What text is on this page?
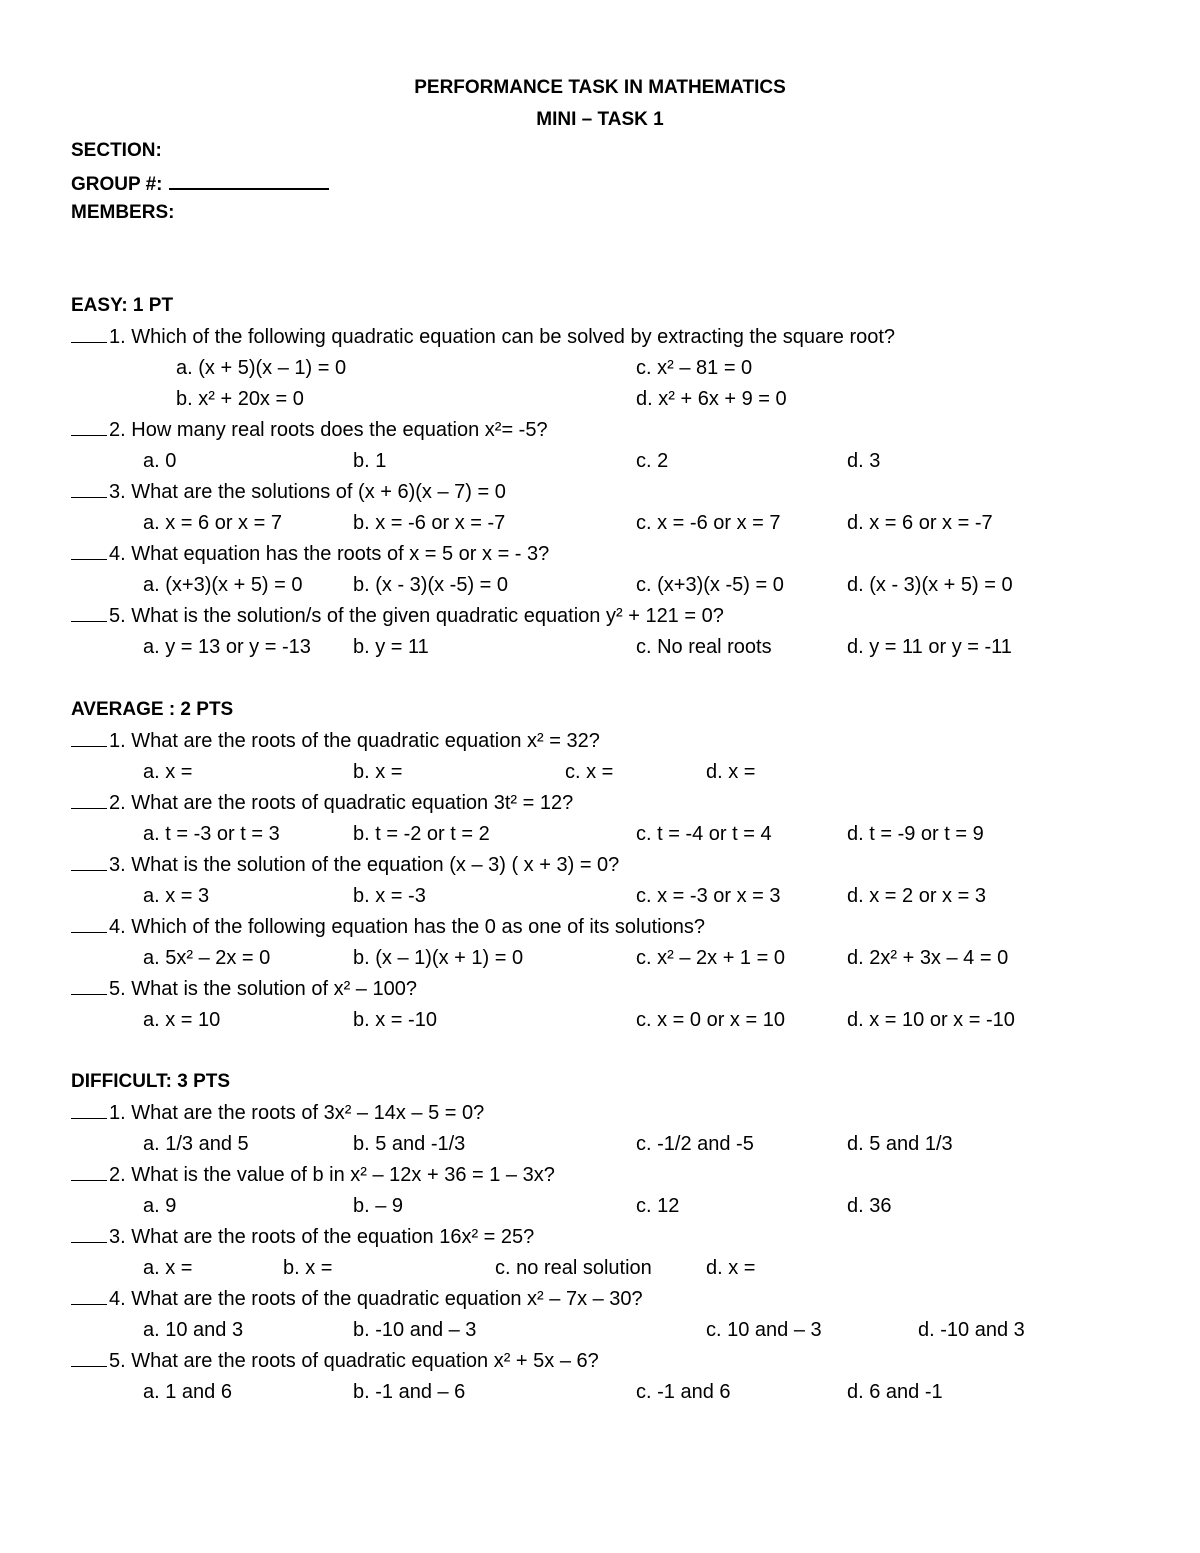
PERFORMANCE TASK IN MATHEMATICS
MINI – TASK 1
SECTION:
GROUP #:
MEMBERS:
EASY: 1 PT
1. Which of the following quadratic equation can be solved by extracting the square root?
a. (x + 5)(x – 1) = 0	c. x² – 81 = 0
b. x² + 20x = 0	d. x² + 6x + 9 = 0
2. How many real roots does the equation x²= -5?
a. 0	b. 1	c. 2	d. 3
3. What are the solutions of (x + 6)(x – 7) = 0
a. x = 6 or x = 7	b. x = -6 or x = -7	c. x = -6 or x = 7	d. x = 6 or x = -7
4. What equation has the roots of x = 5 or x = - 3?
a. (x+3)(x + 5) = 0	b. (x - 3)(x -5) = 0	c. (x+3)(x -5) = 0	d. (x - 3)(x + 5) = 0
5. What is the solution/s of the given quadratic equation y² + 121 = 0?
a. y = 13 or y = -13 b. y = 11	c. No real roots	d. y = 11 or y = -11
AVERAGE : 2 PTS
1. What are the roots of the quadratic equation x² = 32?
a. x =	b. x =	c. x =	d. x =
2. What are the roots of quadratic equation 3t² = 12?
a. t = -3 or t = 3	b. t = -2 or t = 2	c. t = -4 or t = 4	d. t = -9 or t = 9
3. What is the solution of the equation (x – 3) ( x + 3) = 0?
a. x = 3	b. x = -3	c. x = -3 or x = 3	d. x = 2 or x = 3
4. Which of the following equation has the 0 as one of its solutions?
a. 5x² – 2x = 0	b. (x – 1)(x + 1) = 0	c. x² – 2x + 1 = 0	d. 2x² + 3x – 4 = 0
5. What is the solution of x² – 100?
a. x = 10	b. x = -10	c. x = 0 or x = 10	d. x = 10 or x = -10
DIFFICULT: 3 PTS
1. What are the roots of 3x² – 14x – 5 = 0?
a. 1/3 and 5	b. 5 and -1/3	c. -1/2 and -5	d. 5 and 1/3
2. What is the value of b in x² – 12x + 36 = 1 – 3x?
a. 9	b. – 9	c. 12	d. 36
3. What are the roots of the equation 16x² = 25?
a. x =	b. x =	c. no real solution	d. x =
4. What are the roots of the quadratic equation x² – 7x – 30?
a. 10 and 3	b. -10 and – 3	c. 10 and – 3	d. -10 and 3
5. What are the roots of quadratic equation x² + 5x – 6?
a. 1 and 6	b. -1 and – 6	c. -1 and 6	d. 6 and -1
